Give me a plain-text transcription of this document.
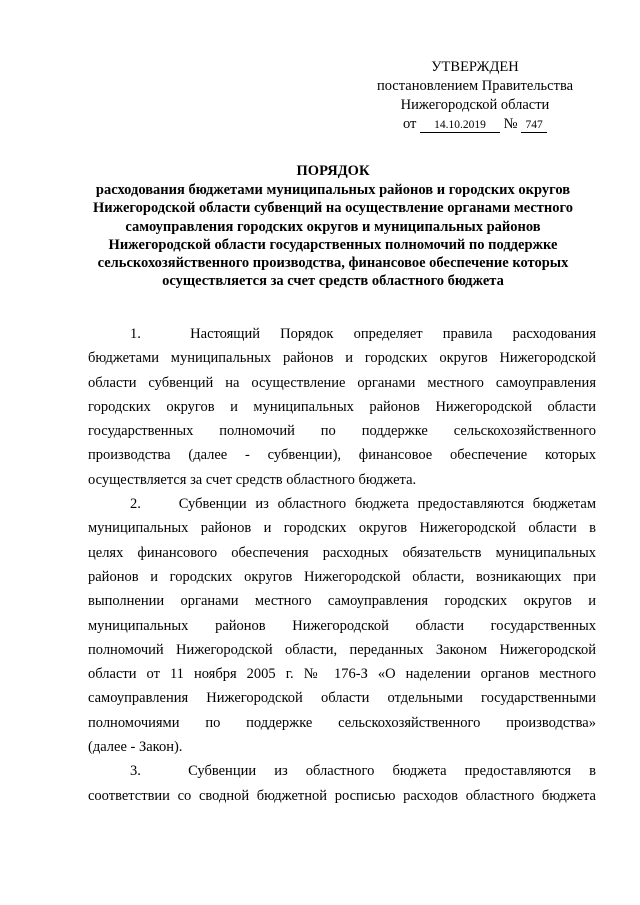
УТВЕРЖДЕН
постановлением Правительства
Нижегородской области
от 14.10.2019 № 747
ПОРЯДОК
расходования бюджетами муниципальных районов и городских округов
Нижегородской области субвенций на осуществление органами местного
самоуправления городских округов и муниципальных районов
Нижегородской области государственных полномочий по поддержке
сельскохозяйственного производства, финансовое обеспечение которых
осуществляется за счет средств областного бюджета
1.	Настоящий Порядок определяет правила расходования
бюджетами муниципальных районов и городских округов Нижегородской
области субвенций на осуществление органами местного самоуправления
городских округов и муниципальных районов Нижегородской области
государственных полномочий по поддержке сельскохозяйственного
производства (далее - субвенции), финансовое обеспечение которых
осуществляется за счет средств областного бюджета.
2.	Субвенции из областного бюджета предоставляются бюджетам
муниципальных районов и городских округов Нижегородской области в
целях финансового обеспечения расходных обязательств муниципальных
районов и городских округов Нижегородской области, возникающих при
выполнении органами местного самоуправления городских округов и
муниципальных районов Нижегородской области государственных
полномочий Нижегородской области, переданных Законом Нижегородской
области от 11 ноября 2005 г. № 176-З «О наделении органов местного
самоуправления Нижегородской области отдельными государственными
полномочиями по поддержке сельскохозяйственного производства»
(далее - Закон).
3.	Субвенции из областного бюджета предоставляются в
соответствии со сводной бюджетной росписью расходов областного бюджета
